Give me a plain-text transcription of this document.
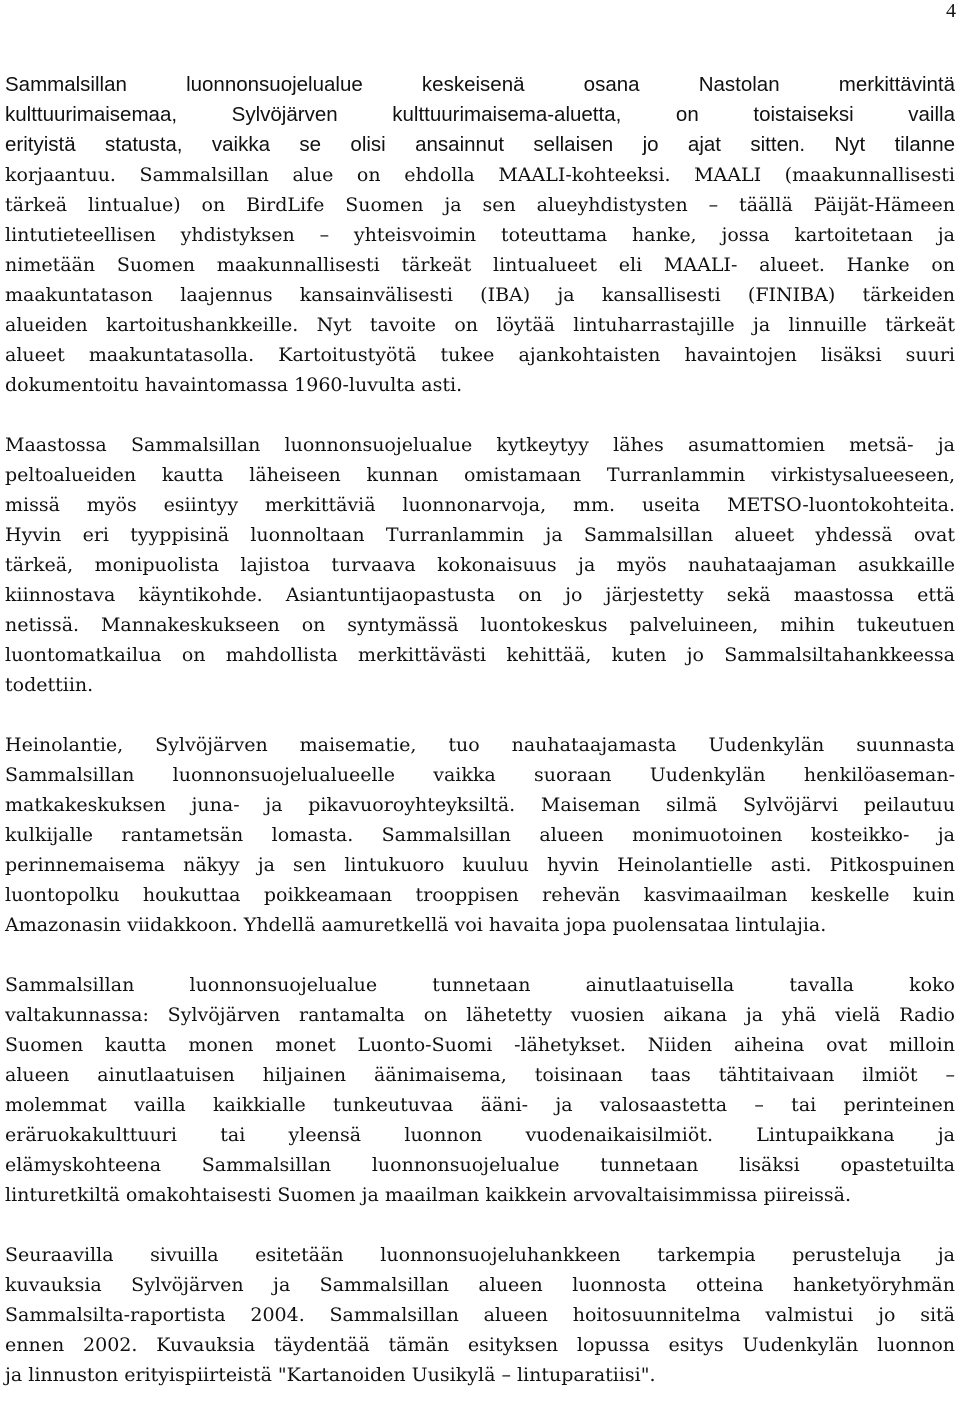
4
Sammalsillan luonnonsuojelualue keskeisenä osana Nastolan merkittävintä
kulttuurimaisemaa, Sylvöjärven kulttuurimaisema-aluetta, on toistaiseksi vailla
erityistä statusta, vaikka se olisi ansainnut sellaisen jo ajat sitten. Nyt tilanne
korjaantuu. Sammalsillan alue on ehdolla MAALI-kohteeksi. MAALI (maakunnallisesti
tärkeä lintualue) on BirdLife Suomen ja sen alueyhdistysten – täällä Päijät-Hämeen
lintutieteellisen yhdistyksen – yhteisvoimin toteuttama hanke, jossa kartoitetaan ja
nimetään Suomen maakunnallisesti tärkeät lintualueet eli MAALI- alueet. Hanke on
maakuntatason laajennus kansainvälisesti (IBA) ja kansallisesti (FINIBA) tärkeiden
alueiden kartoitushankkeille. Nyt tavoite on löytää lintuharrastajille ja linnuille tärkeät
alueet maakuntatasolla. Kartoitustyötä tukee ajankohtaisten havaintojen lisäksi suuri
dokumentoitu havaintomassa 1960-luvulta asti.
Maastossa Sammalsillan luonnonsuojelualue kytkeytyy lähes asumattomien metsä- ja
peltoalueiden kautta läheiseen kunnan omistamaan Turranlammin virkistysalueeseen,
missä myös esiintyy merkittäviä luonnonarvoja, mm. useita METSO-luontokohteita.
Hyvin eri tyyppisinä luonnoltaan Turranlammin ja Sammalsillan alueet yhdessä ovat
tärkeä, monipuolista lajistoa turvaava kokonaisuus ja myös nauhataajaman asukkaille
kiinnostava käyntikohde. Asiantuntijaopastusta on jo järjestetty sekä maastossa että
netissä. Mannakeskukseen on syntymässä luontokeskus palveluineen, mihin tukeutuen
luontomatkailua on mahdollista merkittävästi kehittää, kuten jo Sammalsiltahankkeessa
todettiin.
Heinolantie, Sylvöjärven maisematie, tuo nauhataajamasta Uudenkylän suunnasta
Sammalsillan luonnonsuojelualueelle vaikka suoraan Uudenkylän henkilöaseman-
matkakeskuksen juna- ja pikavuoroyhteyksiltä. Maiseman silmä Sylvöjärvi peilautuu
kulkijalle rantametsän lomasta. Sammalsillan alueen monimuotoinen kosteikko- ja
perinnemaisema näkyy ja sen lintukuoro kuuluu hyvin Heinolantielle asti. Pitkospuinen
luontopolku houkuttaa poikkeamaan trooppisen rehevän kasvimaailman keskelle kuin
Amazonasin viidakkoon. Yhdellä aamuretkellä voi havaita jopa puolensataa lintulajia.
Sammalsillan luonnonsuojelualue tunnetaan ainutlaatuisella tavalla koko
valtakunnassa: Sylvöjärven rantamalta on lähetetty vuosien aikana ja yhä vielä Radio
Suomen kautta monen monet Luonto-Suomi -lähetykset. Niiden aiheina ovat milloin
alueen ainutlaatuisen hiljainen äänimaisema, toisinaan taas tähtitaivaan ilmiöt –
molemmat vailla kaikkialle tunkeutuvaa ääni- ja valosaastetta – tai perinteinen
eräruokakulttuuri tai yleensä luonnon vuodenaikaisilmiöt. Lintupaikkana ja
elämyskohteena Sammalsillan luonnonsuojelualue tunnetaan lisäksi opastetuilta
linturetkiltä omakohtaisesti Suomen ja maailman kaikkein arvovaltaisimmissa piireissä.
Seuraavilla sivuilla esitetään luonnonsuojeluhankkeen tarkempia perusteluja ja
kuvauksia Sylvöjärven ja Sammalsillan alueen luonnosta otteina hanketyöryhmän
Sammalsilta-raportista 2004. Sammalsillan alueen hoitosuunnitelma valmistui jo sitä
ennen 2002. Kuvauksia täydentää tämän esityksen lopussa esitys Uudenkylän luonnon
ja linnuston erityispiirteistä "Kartanoiden Uusikylä – lintuparatiisi".
